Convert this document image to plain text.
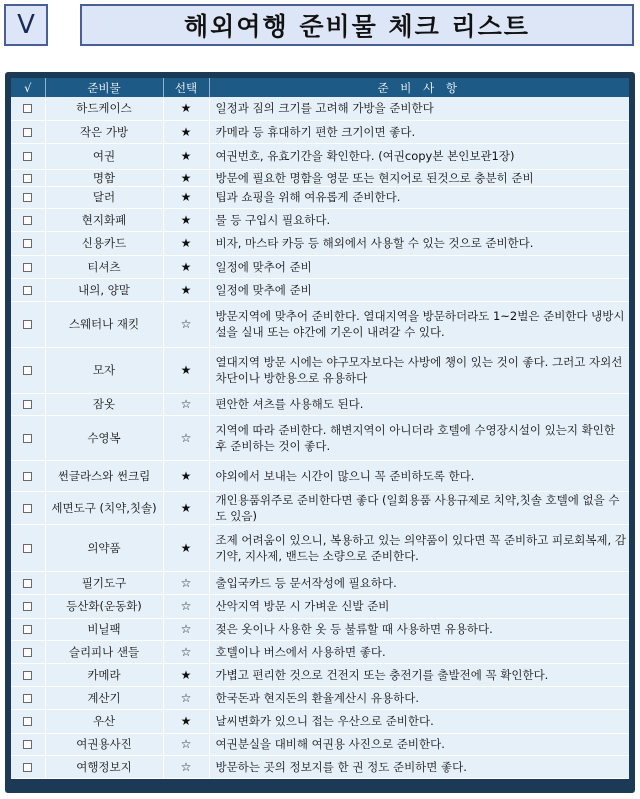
V	해외여행 준비물 체크 리스트
√	준비물	선택	준 비 사 항
	하드케이스	★	일정과 짐의 크기를 고려해 가방을 준비한다
	작은 가방	★	카메라 등 휴대하기 편한 크기이면 좋다.
	여권	★	여권번호, 유효기간을 확인한다. (여권copy본 본인보관1장)
	명함	★	방문에 필요한 명함을 영문 또는 현지어로 된것으로 충분히 준비
	달러	★	팁과 쇼핑을 위해 여유롭게 준비한다.
	현지화폐	★	물 등 구입시 필요하다.
	신용카드	★	비자, 마스타 카등 등 해외에서 사용할 수 있는 것으로 준비한다.
	티셔츠	★	일정에 맞추어 준비
	내의, 양말	★	일정에 맞추에 준비
	스웨터나 재킷	☆	방문지역에 맞추어 준비한다. 열대지역을 방문하더라도 1~2벌은 준비한다 냉방시설을 실내 또는 야간에 기온이 내려갈 수 있다.
	모자	★	열대지역 방문 시에는 야구모자보다는 사방에 챙이 있는 것이 좋다. 그러고 자외선차단이나 방한용으로 유용하다
	잠옷	☆	편안한 셔츠를 사용해도 된다.
	수영복	☆	지역에 따라 준비한다. 해변지역이 아니더라 호텔에 수영장시설이 있는지 확인한 후 준비하는 것이 좋다.
	썬글라스와 썬크림	★	야외에서 보내는 시간이 많으니 꼭 준비하도록 한다.
	세면도구 (치약,칫솔)	★	개인용품위주로 준비한다면 좋다 (일회용품 사용규제로 치약,칫솔 호텔에 없을 수도 있음)
	의약품	★	조제 어려움이 있으니, 복용하고 있는 의약품이 있다면 꼭 준비하고 피로회복제, 감기약, 지사제, 밴드는 소량으로 준비한다.
	필기도구	☆	출입국카드 등 문서작성에 필요하다.
	등산화(운동화)	☆	산악지역 방문 시 가벼운 신발 준비
	비닐팩	☆	젖은 옷이나 사용한 옷 등 불류할 때 사용하면 유용하다.
	슬리피나 샌들	☆	호텔이나 버스에서 사용하면 좋다.
	카메라	★	가볍고 편리한 것으로 건전지 또는 충전기를 출발전에 꼭 확인한다.
	계산기	☆	한국돈과 현지돈의 환율계산시 유용하다.
	우산	★	날씨변화가 있으니 접는 우산으로 준비한다.
	여권용사진	☆	여권분실을 대비해 여권용 사진으로 준비한다.
	여행정보지	☆	방문하는 곳의 정보지를 한 권 정도 준비하면 좋다.
